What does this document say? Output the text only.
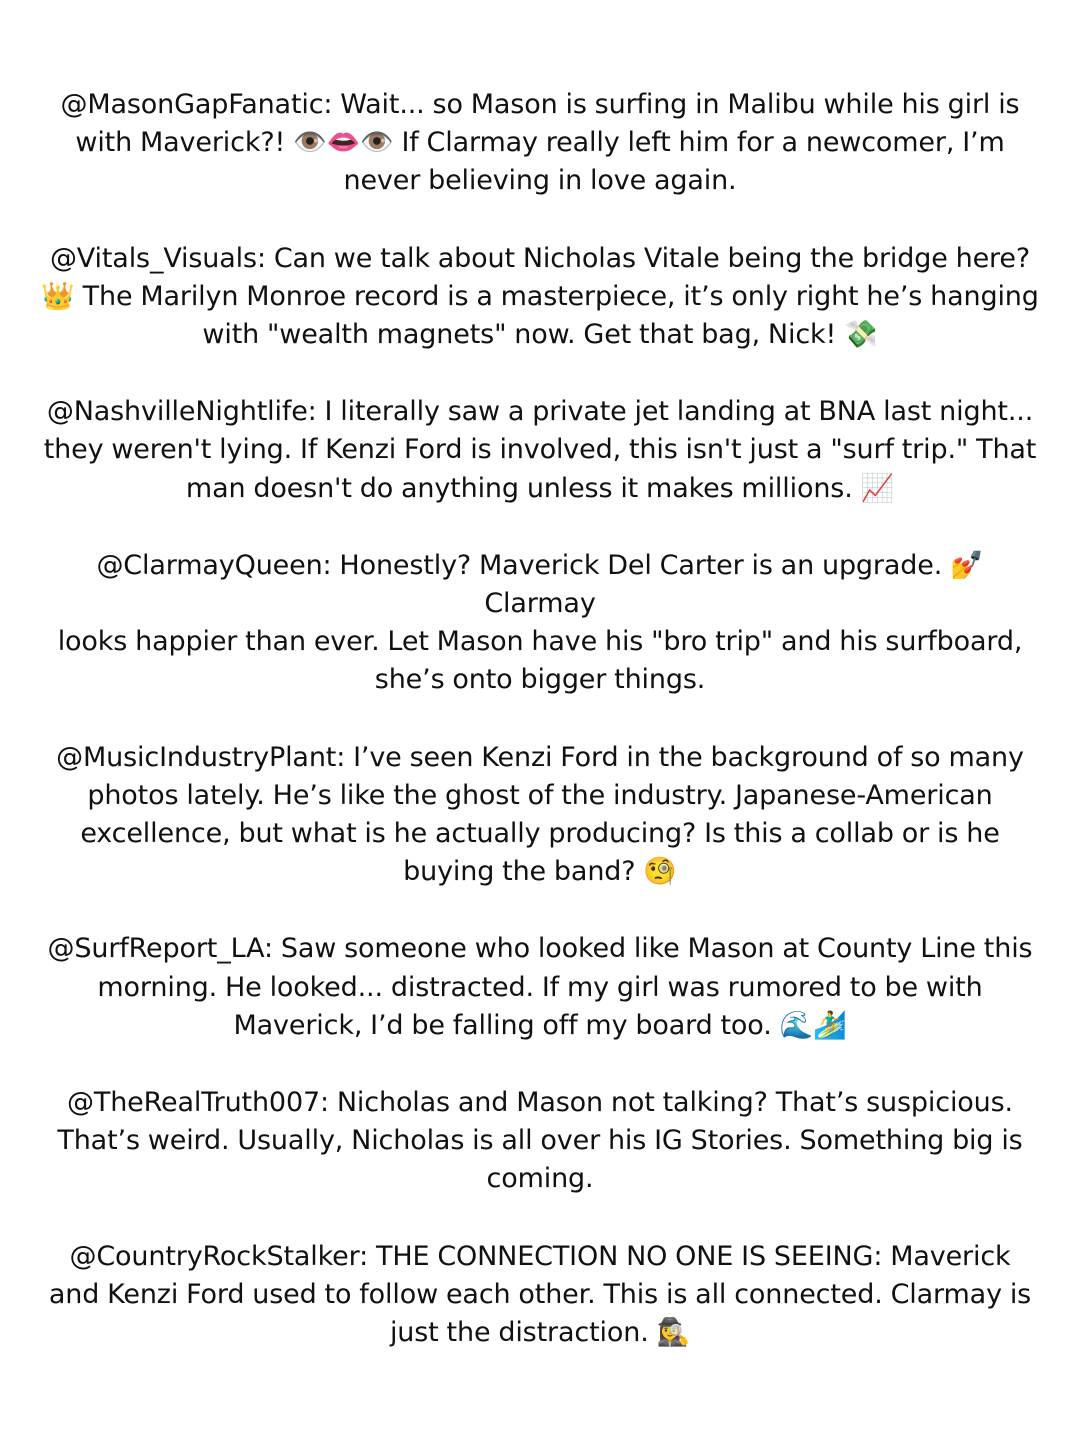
@MasonGapFanatic: Wait... so Mason is surfing in Malibu while his girl is
with Maverick?! 👁️👄👁️ If Clarmay really left him for a newcomer, I’m
never believing in love again.

@Vitals_Visuals: Can we talk about Nicholas Vitale being the bridge here?
👑 The Marilyn Monroe record is a masterpiece, it’s only right he’s hanging
with "wealth magnets" now. Get that bag, Nick! 💸

@NashvilleNightlife: I literally saw a private jet landing at BNA last night...
they weren't lying. If Kenzi Ford is involved, this isn't just a "surf trip." That
man doesn't do anything unless it makes millions. 📈

@ClarmayQueen: Honestly? Maverick Del Carter is an upgrade. 💅 Clarmay
looks happier than ever. Let Mason have his "bro trip" and his surfboard,
she’s onto bigger things.

@MusicIndustryPlant: I’ve seen Kenzi Ford in the background of so many
photos lately. He’s like the ghost of the industry. Japanese-American
excellence, but what is he actually producing? Is this a collab or is he
buying the band? 🧐

@SurfReport_LA: Saw someone who looked like Mason at County Line this
morning. He looked... distracted. If my girl was rumored to be with
Maverick, I’d be falling off my board too. 🌊🏄‍♂️

@TheRealTruth007: Nicholas and Mason not talking? That’s suspicious.
That’s weird. Usually, Nicholas is all over his IG Stories. Something big is
coming.

@CountryRockStalker: THE CONNECTION NO ONE IS SEEING: Maverick
and Kenzi Ford used to follow each other. This is all connected. Clarmay is
just the distraction. 🕵️‍♀️
